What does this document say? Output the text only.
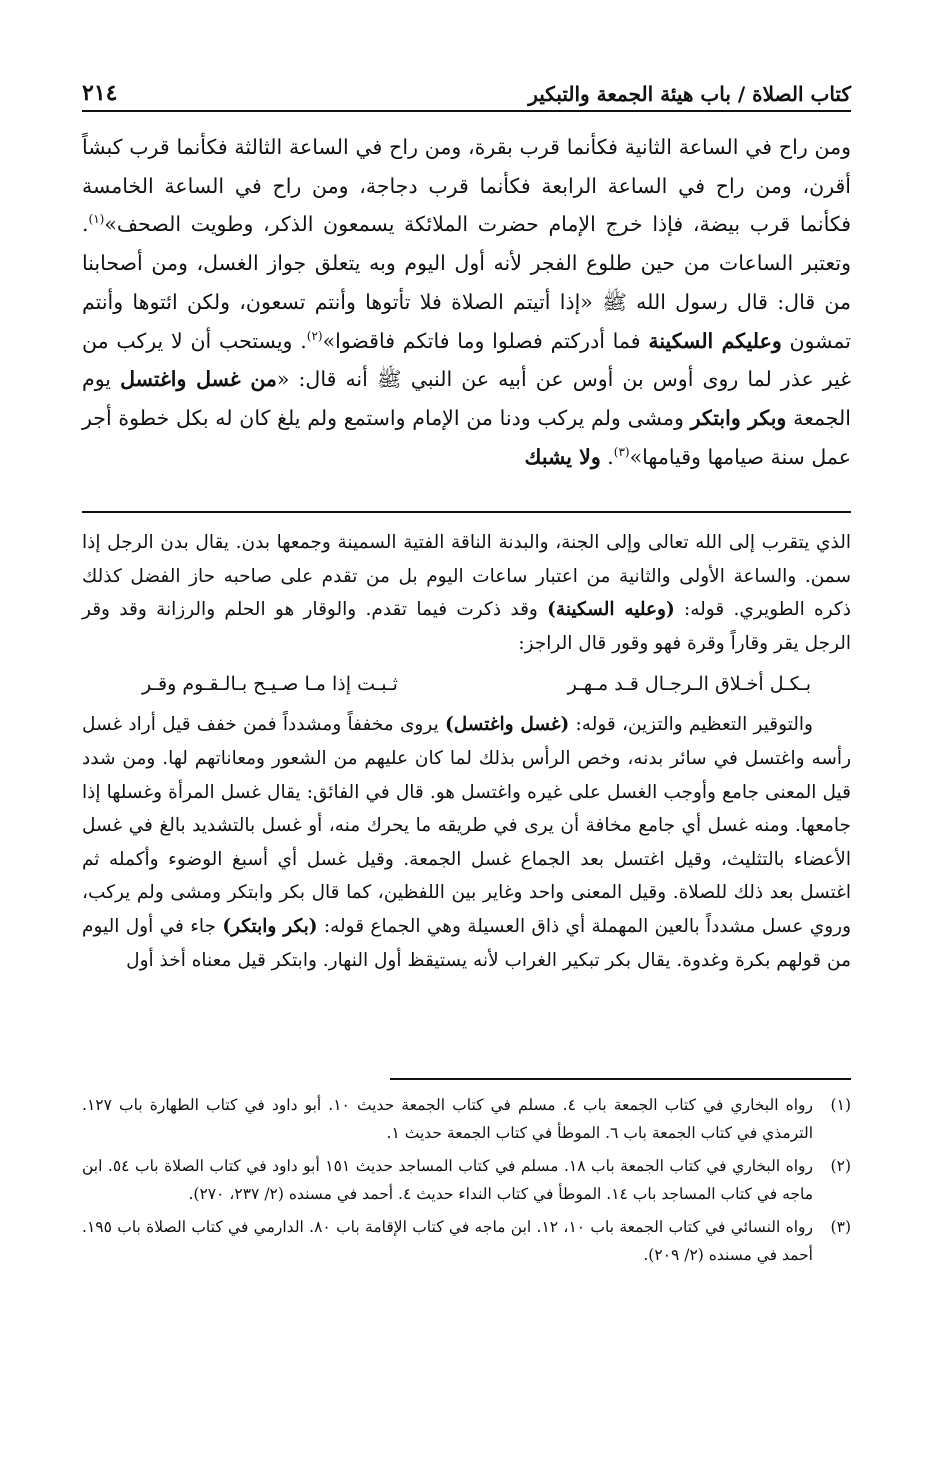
كتاب الصلاة / باب هيئة الجمعة والتبكير
٢١٤

ومن راح في الساعة الثانية فكأنما قرب بقرة، ومن راح في الساعة الثالثة فكأنما قرب كبشاً أقرن، ومن راح في الساعة الرابعة فكأنما قرب دجاجة، ومن راح في الساعة الخامسة فكأنما قرب بيضة، فإذا خرج الإمام حضرت الملائكة يسمعون الذكر، وطويت الصحف»$^{(١)}$. وتعتبر الساعات من حين طلوع الفجر لأنه أول اليوم وبه يتعلق جواز الغسل، ومن أصحابنا من قال: قال رسول الله ﷺ «إذا أتيتم الصلاة فلا تأتوها وأنتم تسعون، ولكن ائتوها وأنتم تمشون وعليكم السكينة فما أدركتم فصلوا وما فاتكم فاقضوا»$^{(٢)}$. ويستحب أن لا يركب من غير عذر لما روى أوس بن أوس عن أبيه عن النبي ﷺ أنه قال: «من غسل واغتسل يوم الجمعة وبكر وابتكر ومشى ولم يركب ودنا من الإمام واستمع ولم يلغ كان له بكل خطوة أجر عمل سنة صيامها وقيامها»$^{(٣)}$. ولا يشبك

الذي يتقرب إلى الله تعالى وإلى الجنة، والبدنة الناقة الفتية السمينة وجمعها بدن. يقال بدن الرجل إذا سمن. والساعة الأولى والثانية من اعتبار ساعات اليوم بل من تقدم على صاحبه حاز الفضل كذلك ذكره الطويري. قوله: (وعليه السكينة) وقد ذكرت فيما تقدم. والوقار هو الحلم والرزانة وقد وقر الرجل يقر وقاراً وقرة فهو وقور قال الراجز:

بـكـل أخـلاق الـرجـال قـد مـهـر
ثـبـت إذا مـا صـيـح بـالـقـوم وقـر

والتوقير التعظيم والتزين، قوله: (غسل واغتسل) يروى مخففاً ومشدداً فمن خفف قيل أراد غسل رأسه واغتسل في سائر بدنه، وخص الرأس بذلك لما كان عليهم من الشعور ومعاناتهم لها. ومن شدد قيل المعنى جامع وأوجب الغسل على غيره واغتسل هو. قال في الفائق: يقال غسل المرأة وغسلها إذا جامعها. ومنه غسل أي جامع مخافة أن يرى في طريقه ما يحرك منه، أو غسل بالتشديد بالغ في غسل الأعضاء بالتثليث، وقيل اغتسل بعد الجماع غسل الجمعة. وقيل غسل أي أسبغ الوضوء وأكمله ثم اغتسل بعد ذلك للصلاة. وقيل المعنى واحد وغاير بين اللفظين، كما قال بكر وابتكر ومشى ولم يركب، وروي عسل مشدداً بالعين المهملة أي ذاق العسيلة وهي الجماع قوله: (بكر وابتكر) جاء في أول اليوم من قولهم بكرة وغدوة. يقال بكر تبكير الغراب لأنه يستيقظ أول النهار. وابتكر قيل معناه أخذ أول

(١)
رواه البخاري في كتاب الجمعة باب ٤. مسلم في كتاب الجمعة حديث ١٠. أبو داود في كتاب الطهارة باب ١٢٧. الترمذي في كتاب الجمعة باب ٦. الموطأ في كتاب الجمعة حديث ١.
(٢)
رواه البخاري في كتاب الجمعة باب ١٨. مسلم في كتاب المساجد حديث ١٥١ أبو داود في كتاب الصلاة باب ٥٤. ابن ماجه في كتاب المساجد باب ١٤. الموطأ في كتاب النداء حديث ٤. أحمد في مسنده (٢/ ٢٣٧، ٢٧٠).
(٣)
رواه النسائي في كتاب الجمعة باب ١٠، ١٢. ابن ماجه في كتاب الإقامة باب ٨٠. الدارمي في كتاب الصلاة باب ١٩٥. أحمد في مسنده (٢/ ٢٠٩).
